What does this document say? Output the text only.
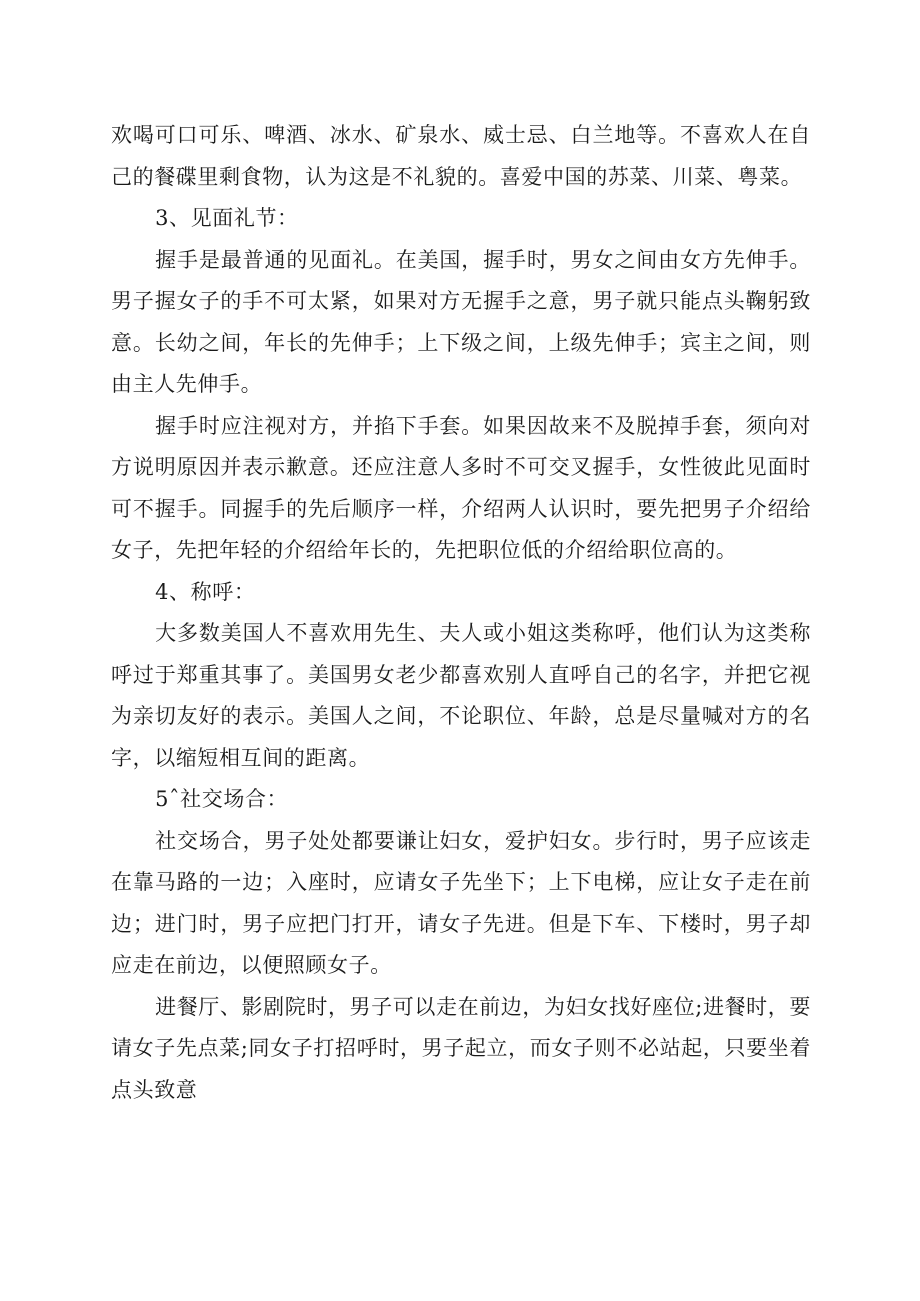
欢喝可口可乐、啤酒、冰水、矿泉水、威士忌、白兰地等。不喜欢人在自己的餐碟里剩食物，认为这是不礼貌的。喜爱中国的苏菜、川菜、粤菜。

3、见面礼节：

握手是最普通的见面礼。在美国，握手时，男女之间由女方先伸手。男子握女子的手不可太紧，如果对方无握手之意，男子就只能点头鞠躬致意。长幼之间，年长的先伸手；上下级之间，上级先伸手；宾主之间，则由主人先伸手。

握手时应注视对方，并掐下手套。如果因故来不及脱掉手套，须向对方说明原因并表示歉意。还应注意人多时不可交叉握手，女性彼此见面时可不握手。同握手的先后顺序一样，介绍两人认识时，要先把男子介绍给女子，先把年轻的介绍给年长的，先把职位低的介绍给职位高的。

4、称呼：

大多数美国人不喜欢用先生、夫人或小姐这类称呼，他们认为这类称呼过于郑重其事了。美国男女老少都喜欢别人直呼自己的名字，并把它视为亲切友好的表示。美国人之间，不论职位、年龄，总是尽量喊对方的名字，以缩短相互间的距离。

5ˆ社交场合：

社交场合，男子处处都要谦让妇女，爱护妇女。步行时，男子应该走在靠马路的一边；入座时，应请女子先坐下；上下电梯，应让女子走在前边；进门时，男子应把门打开，请女子先进。但是下车、下楼时，男子却应走在前边，以便照顾女子。

进餐厅、影剧院时，男子可以走在前边，为妇女找好座位;进餐时，要请女子先点菜;同女子打招呼时，男子起立，而女子则不必站起，只要坐着点头致意
